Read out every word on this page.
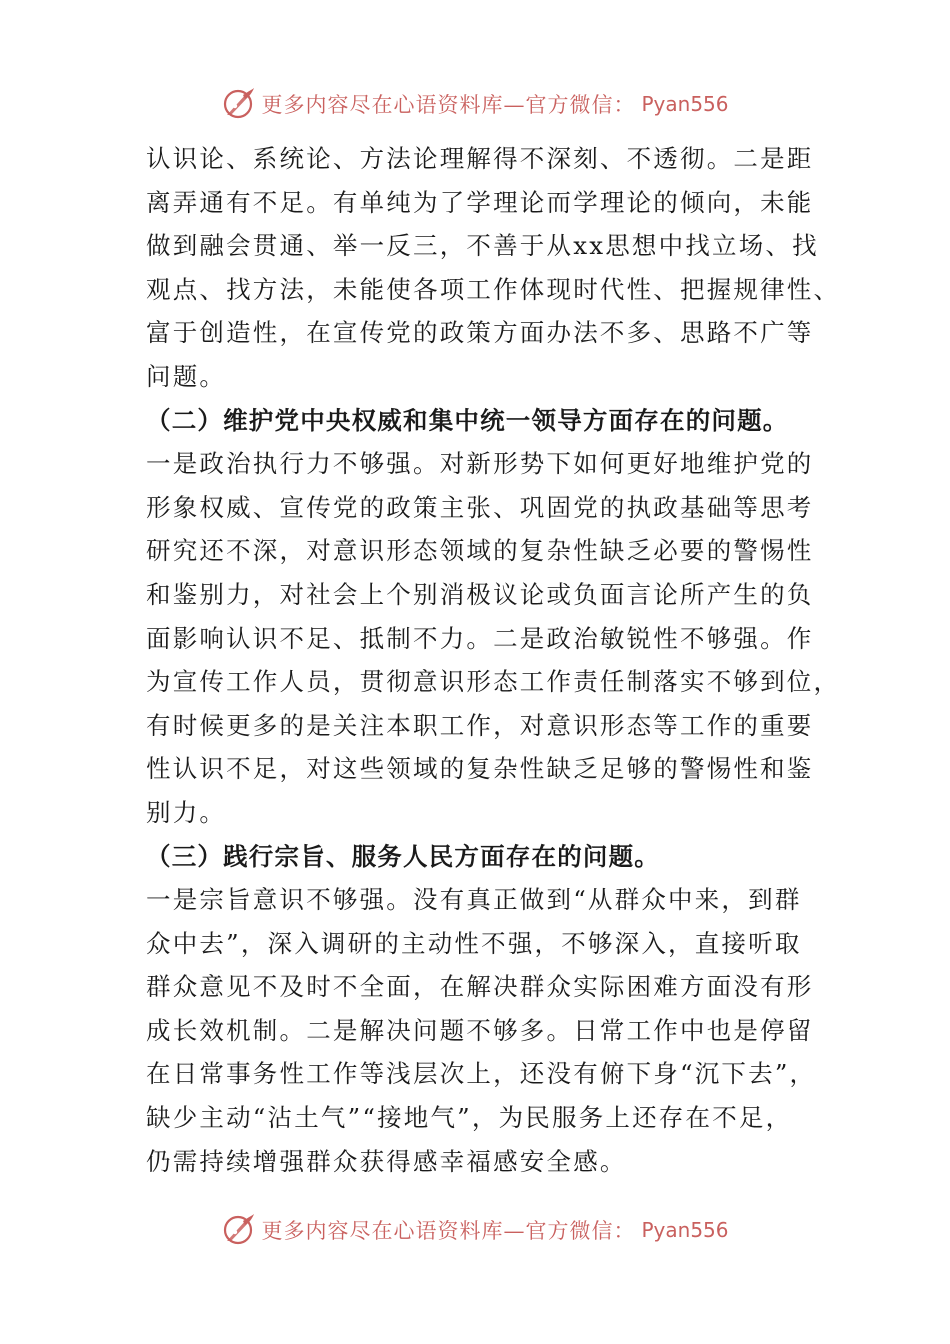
更多内容尽在心语资料库—官方微信： Pyan556
认识论、系统论、方法论理解得不深刻、不透彻。二是距
离弄通有不足。有单纯为了学理论而学理论的倾向，未能
做到融会贯通、举一反三，不善于从xx思想中找立场、找
观点、找方法，未能使各项工作体现时代性、把握规律性、
富于创造性，在宣传党的政策方面办法不多、思路不广等
问题。
（二）维护党中央权威和集中统一领导方面存在的问题。
一是政治执行力不够强。对新形势下如何更好地维护党的
形象权威、宣传党的政策主张、巩固党的执政基础等思考
研究还不深，对意识形态领域的复杂性缺乏必要的警惕性
和鉴别力，对社会上个别消极议论或负面言论所产生的负
面影响认识不足、抵制不力。二是政治敏锐性不够强。作
为宣传工作人员，贯彻意识形态工作责任制落实不够到位，
有时候更多的是关注本职工作，对意识形态等工作的重要
性认识不足，对这些领域的复杂性缺乏足够的警惕性和鉴
别力。
（三）践行宗旨、服务人民方面存在的问题。
一是宗旨意识不够强。没有真正做到“从群众中来，到群
众中去”，深入调研的主动性不强，不够深入，直接听取
群众意见不及时不全面，在解决群众实际困难方面没有形
成长效机制。二是解决问题不够多。日常工作中也是停留
在日常事务性工作等浅层次上，还没有俯下身“沉下去”，
缺少主动“沾土气”“接地气”，为民服务上还存在不足，
仍需持续增强群众获得感幸福感安全感。
更多内容尽在心语资料库—官方微信： Pyan556
